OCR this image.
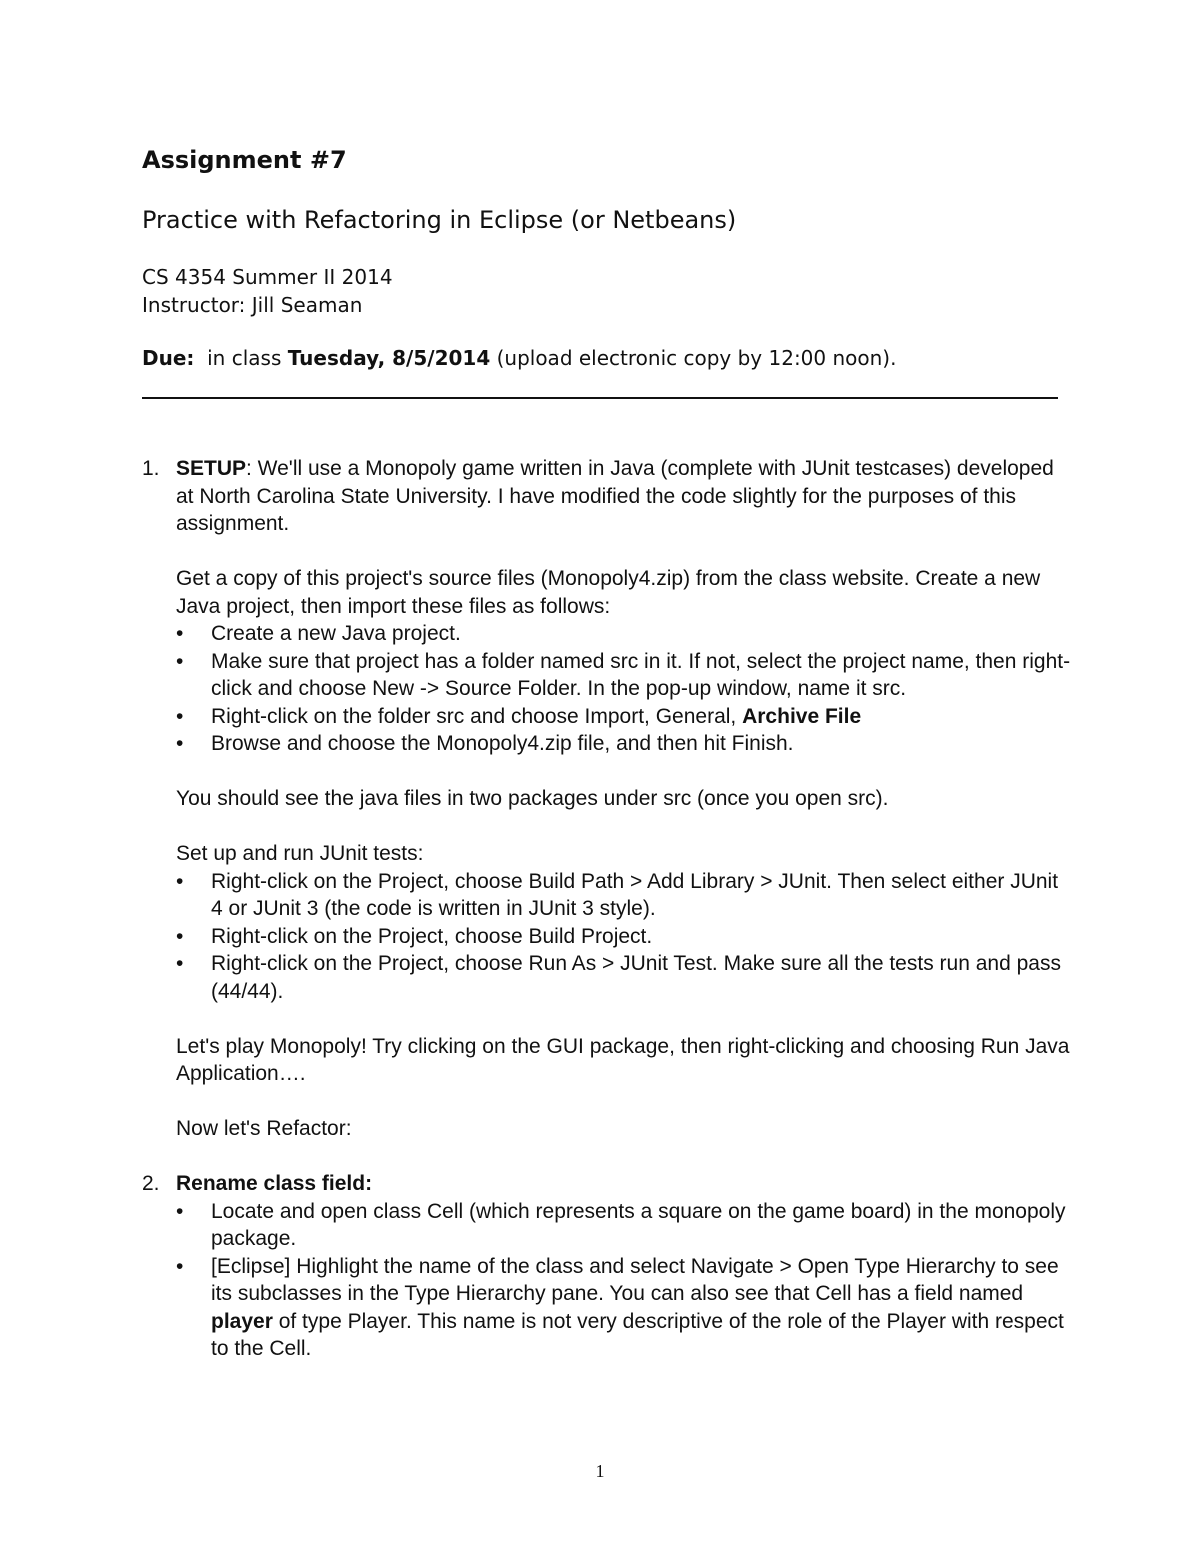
Assignment #7
Practice with Refactoring in Eclipse (or Netbeans)
CS 4354 Summer II 2014
Instructor: Jill Seaman
Due: in class Tuesday, 8/5/2014 (upload electronic copy by 12:00 noon).
1. SETUP: We'll use a Monopoly game written in Java (complete with JUnit testcases) developed at North Carolina State University. I have modified the code slightly for the purposes of this assignment.

Get a copy of this project's source files (Monopoly4.zip) from the class website. Create a new Java project, then import these files as follows:

• Create a new Java project.
• Make sure that project has a folder named src in it. If not, select the project name, then right-click and choose New -> Source Folder. In the pop-up window, name it src.
• Right-click on the folder src and choose Import, General, Archive File
• Browse and choose the Monopoly4.zip file, and then hit Finish.

You should see the java files in two packages under src (once you open src).

Set up and run JUnit tests:

• Right-click on the Project, choose Build Path > Add Library > JUnit. Then select either JUnit 4 or JUnit 3 (the code is written in JUnit 3 style).
• Right-click on the Project, choose Build Project.
• Right-click on the Project, choose Run As > JUnit Test. Make sure all the tests run and pass (44/44).

Let's play Monopoly! Try clicking on the GUI package, then right-clicking and choosing Run Java Application….

Now let's Refactor:

2. Rename class field:

• Locate and open class Cell (which represents a square on the game board) in the monopoly package.
• [Eclipse] Highlight the name of the class and select Navigate > Open Type Hierarchy to see its subclasses in the Type Hierarchy pane. You can also see that Cell has a field named player of type Player. This name is not very descriptive of the role of the Player with respect to the Cell.
1
